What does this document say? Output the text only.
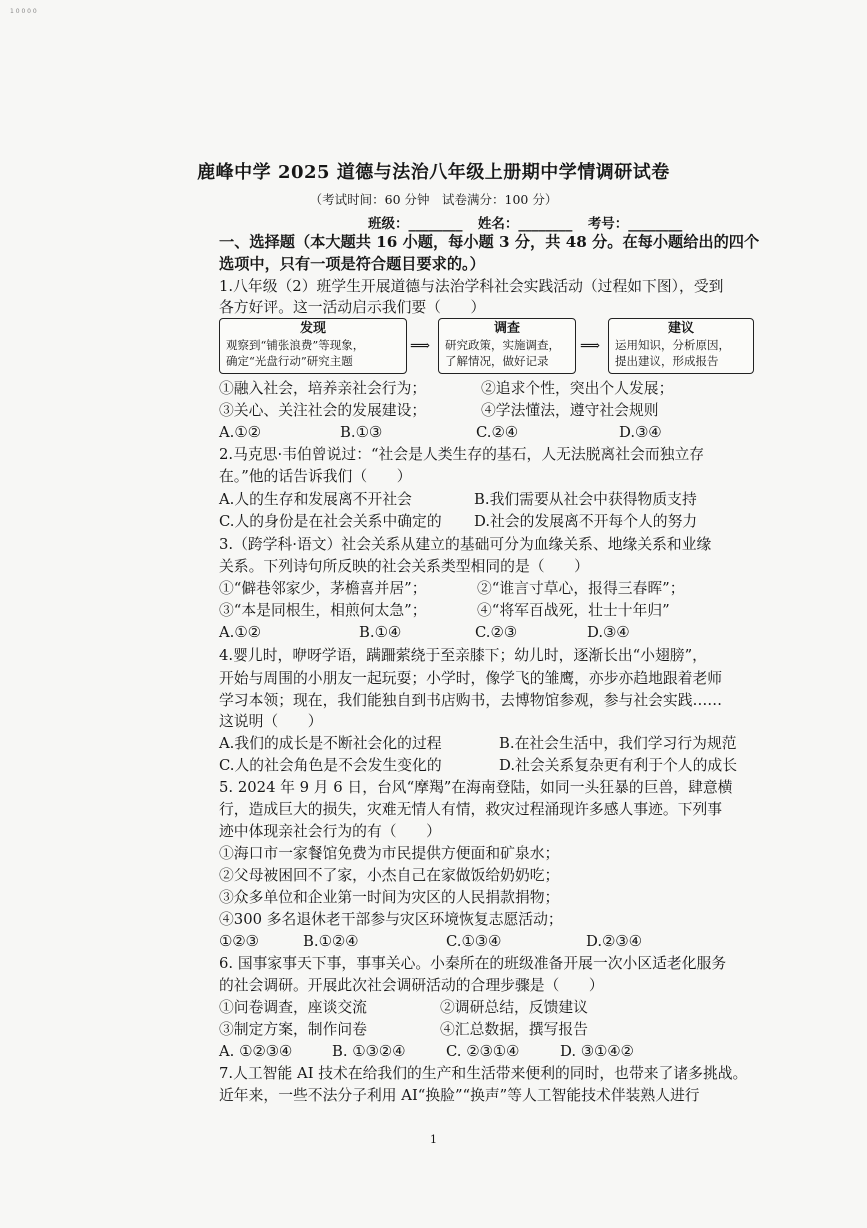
1 0 0 0 0
鹿峰中学 2025 道德与法治八年级上册期中学情调研试卷
（考试时间：60 分钟　试卷满分：100 分）
班级：________ 姓名：________ 考号：________
一、选择题（本大题共 16 小题，每小题 3 分，共 48 分。在每小题给出的四个
选项中，只有一项是符合题目要求的。）
1.八年级（2）班学生开展道德与法治学科社会实践活动（过程如下图），受到
各方好评。这一活动启示我们要（　　）
发现
观察到“铺张浪费”等现象，
确定“光盘行动”研究主题
⟹
调查
研究政策，实施调查，
了解情况，做好记录
⟹
建议
运用知识，分析原因，
提出建议，形成报告
①融入社会，培养亲社会行为；	②追求个性，突出个人发展；
③关心、关注社会的发展建设；	④学法懂法，遵守社会规则
A.①②	B.①③	C.②④	D.③④
2.马克思·韦伯曾说过：“社会是人类生存的基石，人无法脱离社会而独立存
在。”他的话告诉我们（　　）
A.人的生存和发展离不开社会	B.我们需要从社会中获得物质支持
C.人的身份是在社会关系中确定的 D.社会的发展离不开每个人的努力
3.（跨学科·语文）社会关系从建立的基础可分为血缘关系、地缘关系和业缘
关系。下列诗句所反映的社会关系类型相同的是（　　）
①“僻巷邻家少，茅檐喜并居”；	②“谁言寸草心，报得三春晖”；
③“本是同根生，相煎何太急”；	④“将军百战死，壮士十年归”
A.①②	B.①④	C.②③	D.③④
4.婴儿时，咿呀学语，蹒跚萦绕于至亲膝下；幼儿时，逐渐长出“小翅膀”，
开始与周围的小朋友一起玩耍；小学时，像学飞的雏鹰，亦步亦趋地跟着老师
学习本领；现在，我们能独自到书店购书，去博物馆参观，参与社会实践……
这说明（　　）
A.我们的成长是不断社会化的过程	B.在社会生活中，我们学习行为规范
C.人的社会角色是不会发生变化的	D.社会关系复杂更有利于个人的成长
5. 2024 年 9 月 6 日，台风“摩羯”在海南登陆，如同一头狂暴的巨兽，肆意横
行，造成巨大的损失，灾难无情人有情，救灾过程涌现许多感人事迹。下列事
迹中体现亲社会行为的有（　　）
①海口市一家餐馆免费为市民提供方便面和矿泉水；
②父母被困回不了家，小杰自己在家做饭给奶奶吃；
③众多单位和企业第一时间为灾区的人民捐款捐物；
④300 多名退休老干部参与灾区环境恢复志愿活动；
①②③	B.①②④	C.①③④	D.②③④
6. 国事家事天下事，事事关心。小秦所在的班级准备开展一次小区适老化服务
的社会调研。开展此次社会调研活动的合理步骤是（　　）
①问卷调查，座谈交流	②调研总结，反馈建议
③制定方案，制作问卷	④汇总数据，撰写报告
A. ①②③④	B. ①③②④	C. ②③①④	D. ③①④②
7.人工智能 AI 技术在给我们的生产和生活带来便利的同时，也带来了诸多挑战。
近年来，一些不法分子利用 AI“换脸”“换声”等人工智能技术伴装熟人进行
1
